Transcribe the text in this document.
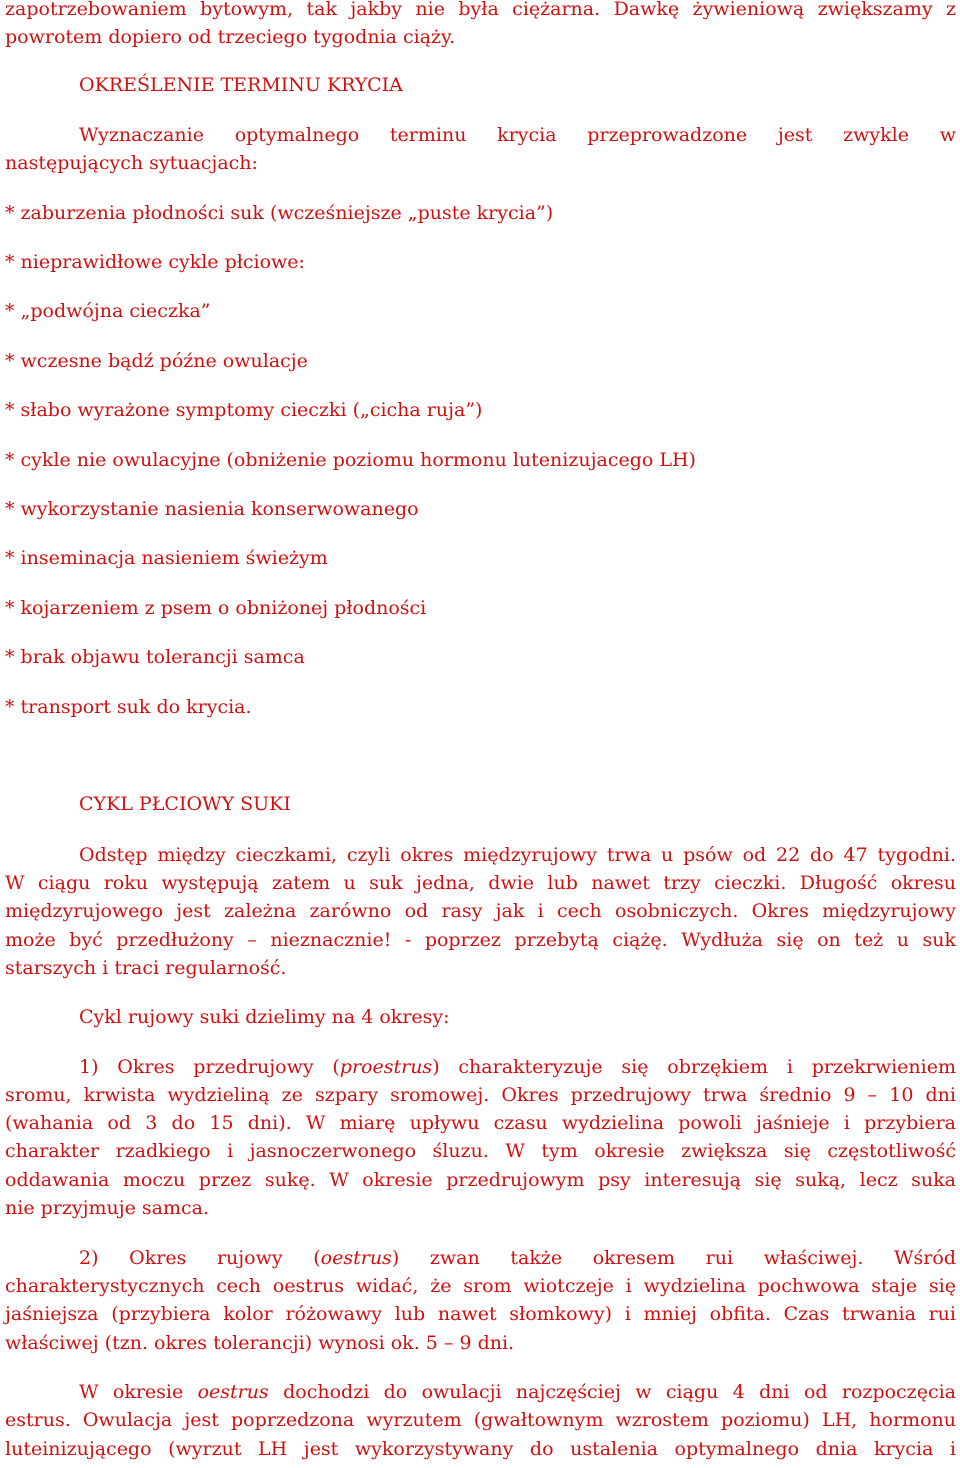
zapotrzebowaniem bytowym, tak jakby nie była ciężarna. Dawkę żywieniową zwiększamy z
powrotem dopiero od trzeciego tygodnia ciąży.
OKREŚLENIE TERMINU KRYCIA
Wyznaczanie optymalnego terminu krycia przeprowadzone jest zwykle w
następujących sytuacjach:
* zaburzenia płodności suk (wcześniejsze „puste krycia”)
* nieprawidłowe cykle płciowe:
* „podwójna cieczka”
* wczesne bądź późne owulacje
* słabo wyrażone symptomy cieczki („cicha ruja”)
* cykle nie owulacyjne (obniżenie poziomu hormonu lutenizujacego LH)
* wykorzystanie nasienia konserwowanego
* inseminacja nasieniem świeżym
* kojarzeniem z psem o obniżonej płodności
* brak objawu tolerancji samca
* transport suk do krycia.
CYKL PŁCIOWY SUKI
Odstęp między cieczkami, czyli okres międzyrujowy trwa u psów od 22 do 47 tygodni.
W ciągu roku występują zatem u suk jedna, dwie lub nawet trzy cieczki. Długość okresu
międzyrujowego jest zależna zarówno od rasy jak i cech osobniczych. Okres międzyrujowy
może być przedłużony – nieznacznie! - poprzez przebytą ciążę. Wydłuża się on też u suk
starszych i traci regularność.
Cykl rujowy suki dzielimy na 4 okresy:
1) Okres przedrujowy (proestrus) charakteryzuje się obrzękiem i przekrwieniem
sromu, krwista wydzieliną ze szpary sromowej. Okres przedrujowy trwa średnio 9 – 10 dni
(wahania od 3 do 15 dni). W miarę upływu czasu wydzielina powoli jaśnieje i przybiera
charakter rzadkiego i jasnoczerwonego śluzu. W tym okresie zwiększa się częstotliwość
oddawania moczu przez sukę. W okresie przedrujowym psy interesują się suką, lecz suka
nie przyjmuje samca.
2) Okres rujowy (oestrus) zwan także okresem rui właściwej. Wśród
charakterystycznych cech oestrus widać, że srom wiotczeje i wydzielina pochwowa staje się
jaśniejsza (przybiera kolor różowawy lub nawet słomkowy) i mniej obfita. Czas trwania rui
właściwej (tzn. okres tolerancji) wynosi ok. 5 – 9 dni.
W okresie oestrus dochodzi do owulacji najczęściej w ciągu 4 dni od rozpoczęcia
estrus. Owulacja jest poprzedzona wyrzutem (gwałtownym wzrostem poziomu) LH, hormonu
luteinizującego (wyrzut LH jest wykorzystywany do ustalenia optymalnego dnia krycia i
